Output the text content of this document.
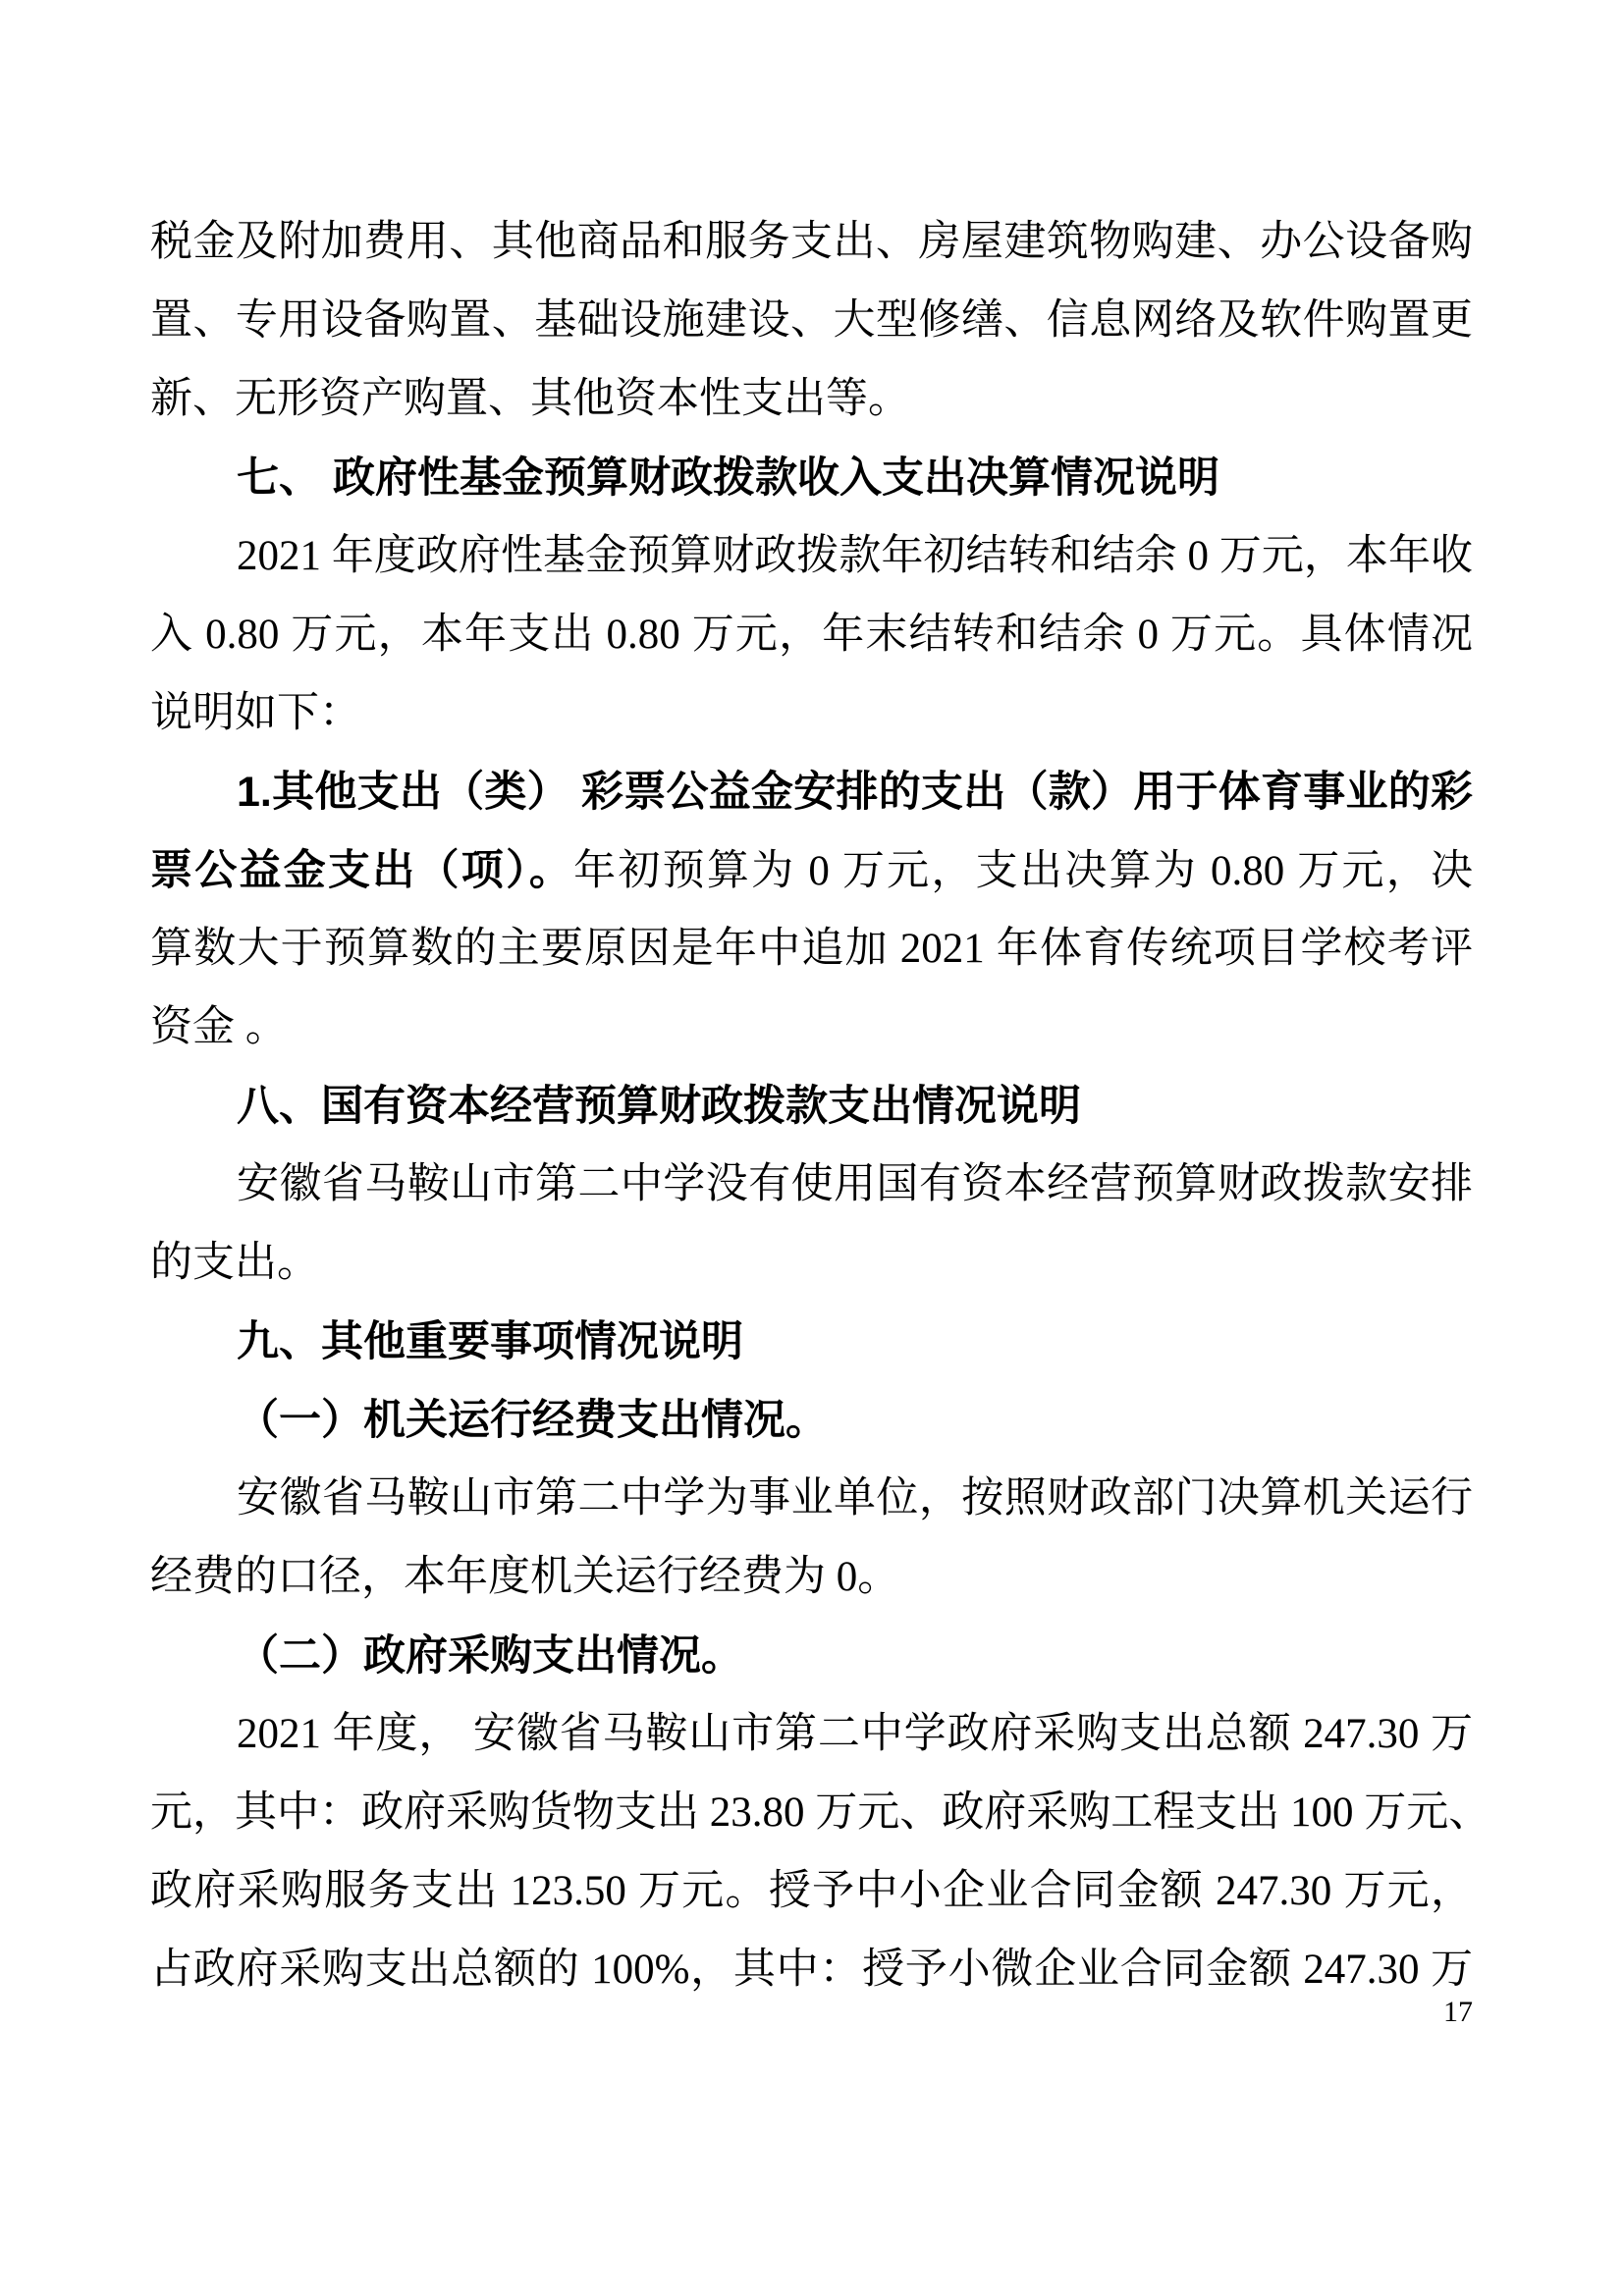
税金及附加费用、其他商品和服务支出、房屋建筑物购建、办公设备购
置、专用设备购置、基础设施建设、大型修缮、信息网络及软件购置更
新、无形资产购置、其他资本性支出等。
七、 政府性基金预算财政拨款收入支出决算情况说明
2021 年度政府性基金预算财政拨款年初结转和结余 0 万元，本年收
入 0.80 万元，本年支出 0.80 万元，年末结转和结余 0 万元。具体情况
说明如下：
1.其他支出（类） 彩票公益金安排的支出（款）用于体育事业的彩
票公益金支出（项）。年初预算为 0 万元，支出决算为 0.80 万元，决
算数大于预算数的主要原因是年中追加 2021 年体育传统项目学校考评
资金 。
八、国有资本经营预算财政拨款支出情况说明
安徽省马鞍山市第二中学没有使用国有资本经营预算财政拨款安排
的支出。
九、其他重要事项情况说明
（一）机关运行经费支出情况。
安徽省马鞍山市第二中学为事业单位，按照财政部门决算机关运行
经费的口径，本年度机关运行经费为 0。
（二）政府采购支出情况。
2021 年度， 安徽省马鞍山市第二中学政府采购支出总额 247.30 万
元，其中：政府采购货物支出 23.80 万元、政府采购工程支出 100 万元、
政府采购服务支出 123.50 万元。授予中小企业合同金额 247.30 万元，
占政府采购支出总额的 100%，其中：授予小微企业合同金额 247.30 万
17
